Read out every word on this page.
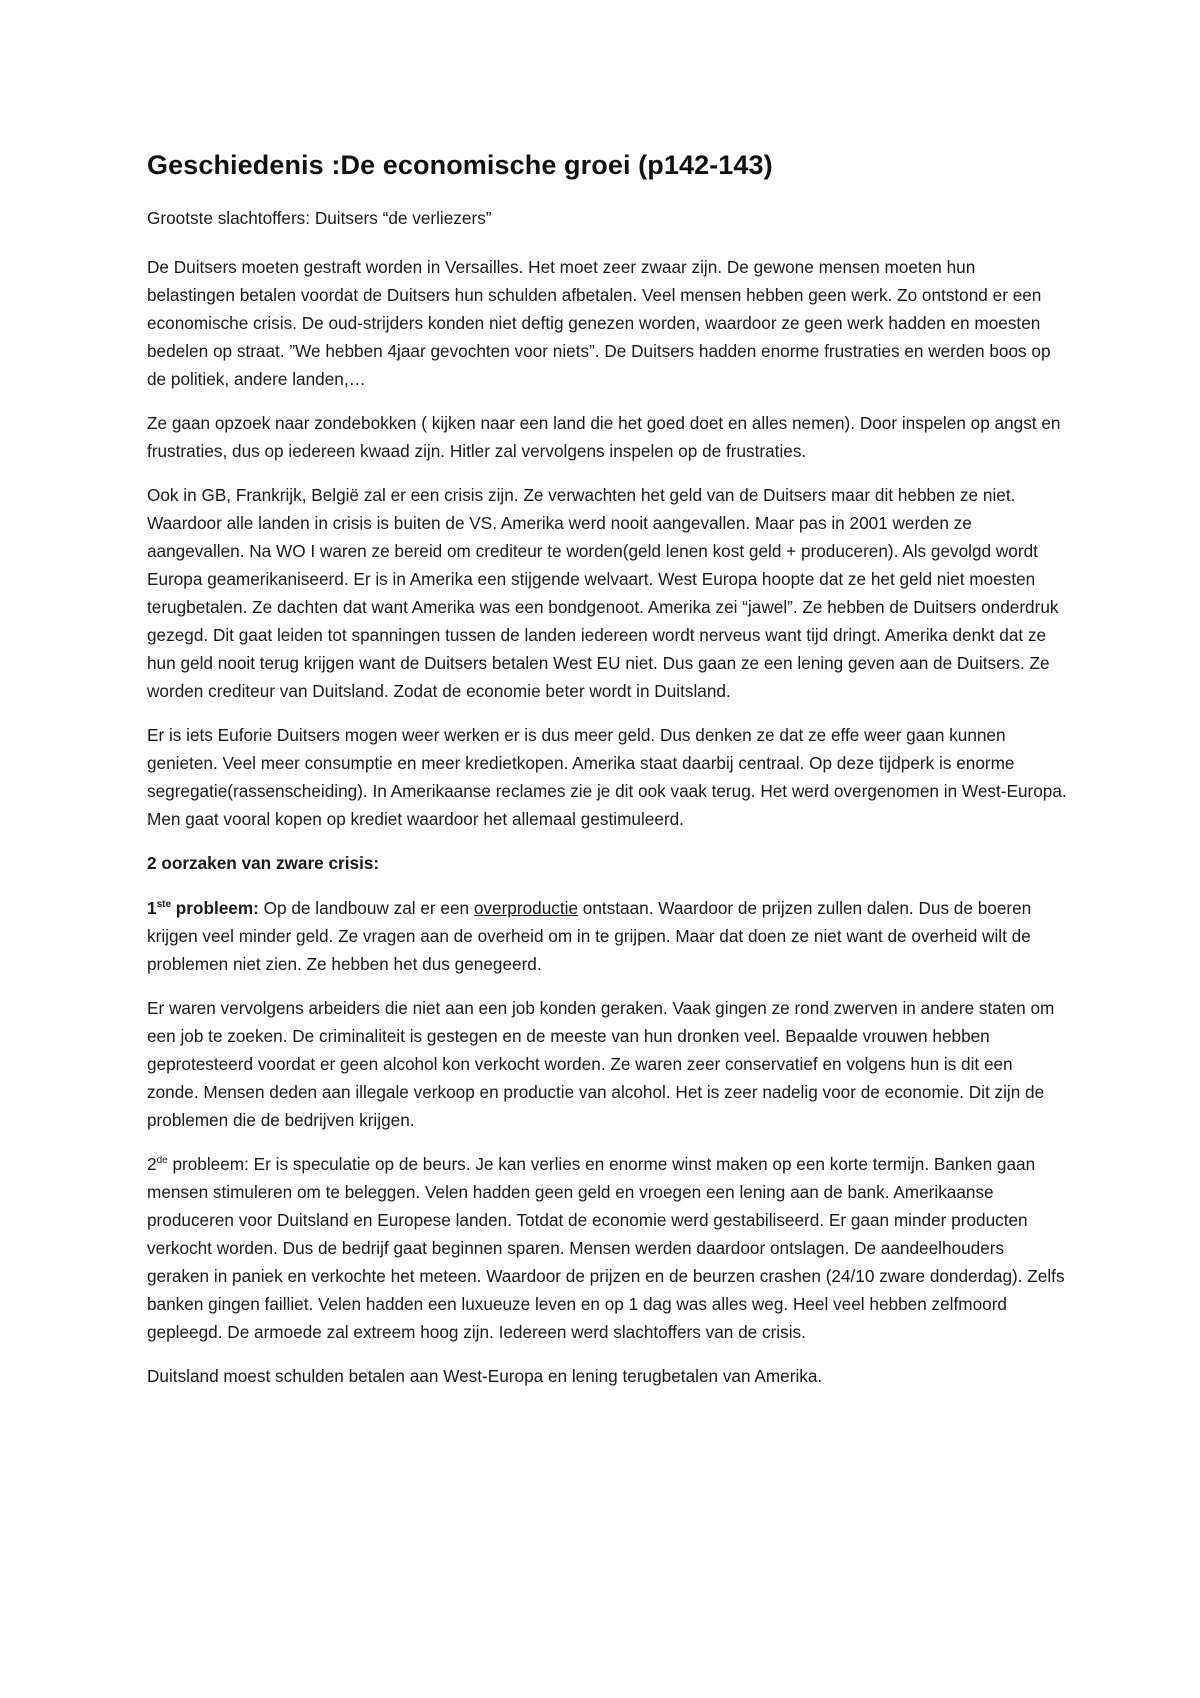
Geschiedenis :De economische groei (p142-143)

Grootste slachtoffers: Duitsers “de verliezers”

De Duitsers moeten gestraft worden in Versailles. Het moet zeer zwaar zijn. De gewone mensen moeten hun belastingen betalen voordat de Duitsers hun schulden afbetalen. Veel mensen hebben geen werk. Zo ontstond er een economische crisis. De oud-strijders konden niet deftig genezen worden, waardoor ze geen werk hadden en moesten bedelen op straat. ”We hebben 4jaar gevochten voor niets”. De Duitsers hadden enorme frustraties en werden boos op de politiek, andere landen,…

Ze gaan opzoek naar zondebokken ( kijken naar een land die het goed doet en alles nemen). Door inspelen op angst en frustraties, dus op iedereen kwaad zijn. Hitler zal vervolgens inspelen op de frustraties.

Ook in GB, Frankrijk, België zal er een crisis zijn. Ze verwachten het geld van de Duitsers maar dit hebben ze niet. Waardoor alle landen in crisis is buiten de VS. Amerika werd nooit aangevallen. Maar pas in 2001 werden ze aangevallen. Na WO I waren ze bereid om crediteur te worden(geld lenen kost geld + produceren). Als gevolgd wordt Europa geamerikaniseerd. Er is in Amerika een stijgende welvaart. West Europa hoopte dat ze het geld niet moesten terugbetalen. Ze dachten dat want Amerika was een bondgenoot. Amerika zei “jawel”. Ze hebben de Duitsers onderdruk gezegd. Dit gaat leiden tot spanningen tussen de landen iedereen wordt nerveus want tijd dringt. Amerika denkt dat ze hun geld nooit terug krijgen want de Duitsers betalen West EU niet. Dus gaan ze een lening geven aan de Duitsers. Ze worden crediteur van Duitsland. Zodat de economie beter wordt in Duitsland.

Er is iets Euforie Duitsers mogen weer werken er is dus meer geld. Dus denken ze dat ze effe weer gaan kunnen genieten. Veel meer consumptie en meer kredietkopen. Amerika staat daarbij centraal. Op deze tijdperk is enorme segregatie(rassenscheiding). In Amerikaanse reclames zie je dit ook vaak terug. Het werd overgenomen in West-Europa. Men gaat vooral kopen op krediet waardoor het allemaal gestimuleerd.

2 oorzaken van zware crisis:

1ste probleem: Op de landbouw zal er een overproductie ontstaan. Waardoor de prijzen zullen dalen. Dus de boeren krijgen veel minder geld. Ze vragen aan de overheid om in te grijpen. Maar dat doen ze niet want de overheid wilt de problemen niet zien. Ze hebben het dus genegeerd.

Er waren vervolgens arbeiders die niet aan een job konden geraken. Vaak gingen ze rond zwerven in andere staten om een job te zoeken. De criminaliteit is gestegen en de meeste van hun dronken veel. Bepaalde vrouwen hebben geprotesteerd voordat er geen alcohol kon verkocht worden. Ze waren zeer conservatief en volgens hun is dit een zonde. Mensen deden aan illegale verkoop en productie van alcohol. Het is zeer nadelig voor de economie. Dit zijn de problemen die de bedrijven krijgen.

2de probleem: Er is speculatie op de beurs. Je kan verlies en enorme winst maken op een korte termijn. Banken gaan mensen stimuleren om te beleggen. Velen hadden geen geld en vroegen een lening aan de bank. Amerikaanse produceren voor Duitsland en Europese landen. Totdat de economie werd gestabiliseerd. Er gaan minder producten verkocht worden. Dus de bedrijf gaat beginnen sparen. Mensen werden daardoor ontslagen. De aandeelhouders geraken in paniek en verkochte het meteen. Waardoor de prijzen en de beurzen crashen (24/10 zware donderdag). Zelfs banken gingen failliet. Velen hadden een luxueuze leven en op 1 dag was alles weg. Heel veel hebben zelfmoord gepleegd. De armoede zal extreem hoog zijn. Iedereen werd slachtoffers van de crisis.

Duitsland moest schulden betalen aan West-Europa en lening terugbetalen van Amerika.
